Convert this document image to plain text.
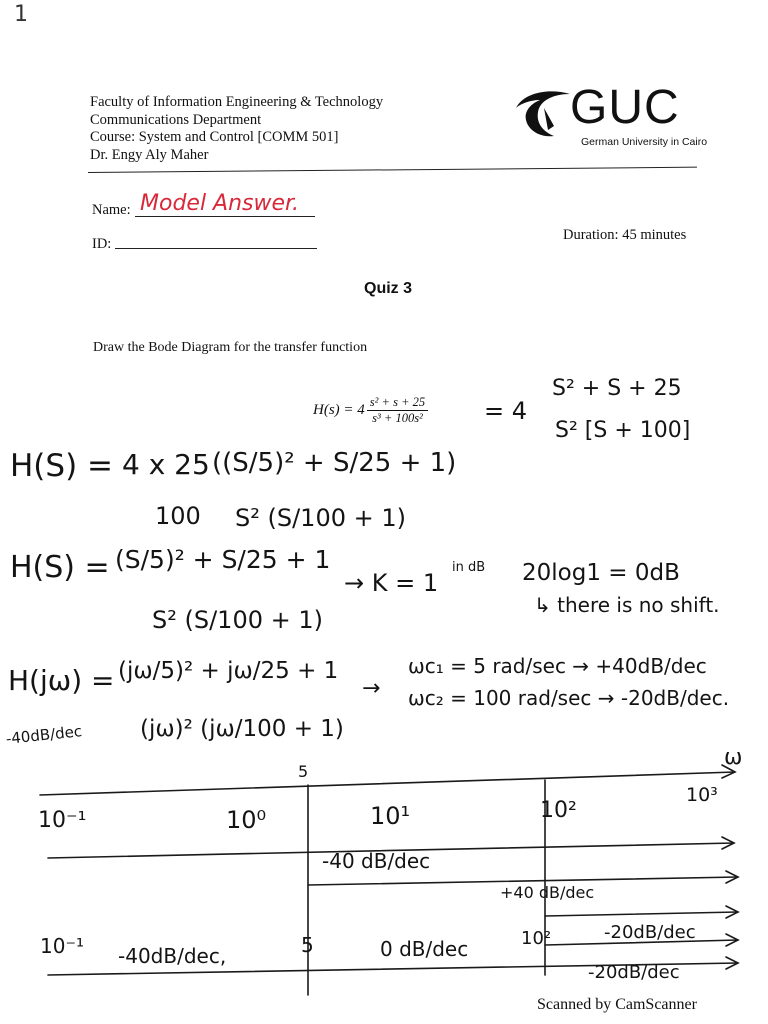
1
Faculty of Information Engineering & Technology
Communications Department
Course: System and Control [COMM 501]
Dr. Engy Aly Maher
GUC
German University in Cairo
Name: Model Answer.
ID:
Duration: 45 minutes
Quiz 3
Draw the Bode Diagram for the transfer function
$H(s) = 4 \frac{\text{s² + s + 25}}{\text{s³ + 100s²}} = 4$
S² + S + 25
S² [S + 100]
H(S) = 4 x 25
100
((S/5)² + S/25 + 1)
S² (S/100 + 1)
H(S) = (S/5)² + S/25 + 1
S² (S/100 + 1)
→ K = 1
in dB 20log1 = 0dB
↳ there is no shift.
H(jω) = (jω/5)² + jω/25 + 1
(jω)² (jω/100 + 1)
→
ωc₁ = 5 rad/sec → +40dB/dec
ωc₂ = 100 rad/sec → -20dB/dec.
-40dB/dec
ω
5
10⁻¹	10⁰	10¹	10²
10³
-40 dB/dec
+40 dB/dec
-20dB/dec
-20dB/dec
10⁻¹ -40dB/dec,	5	0 dB/dec	10²
Scanned by CamScanner
